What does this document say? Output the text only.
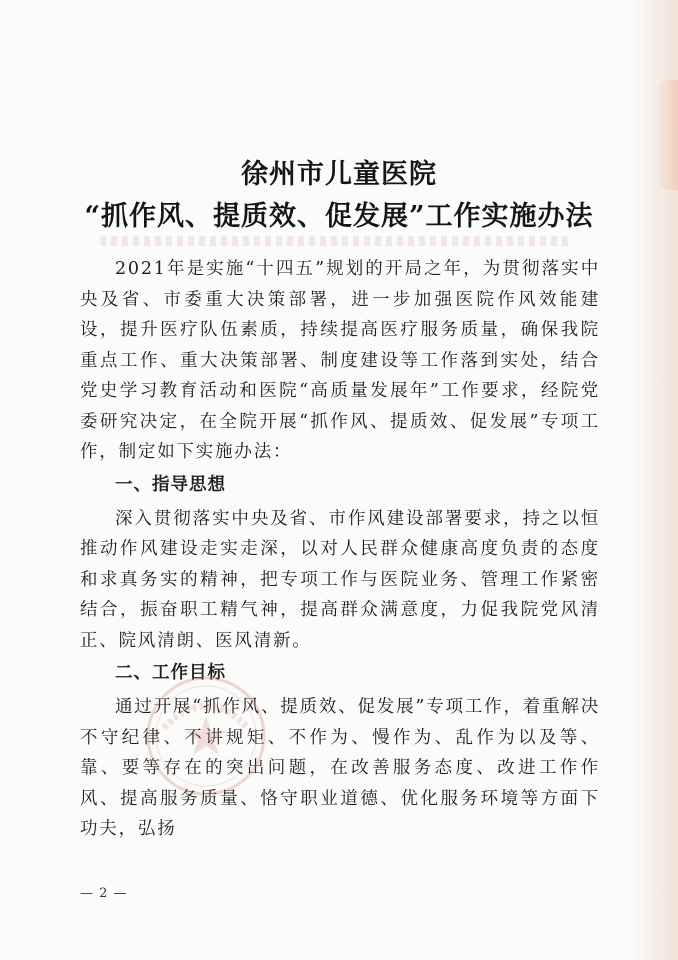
徐州市儿童医院
“抓作风、提质效、促发展”工作实施办法

2021年是实施“十四五”规划的开局之年，为贯彻落实中央及省、市委重大决策部署，进一步加强医院作风效能建设，提升医疗队伍素质，持续提高医疗服务质量，确保我院重点工作、重大决策部署、制度建设等工作落到实处，结合党史学习教育活动和医院“高质量发展年”工作要求，经院党委研究决定，在全院开展“抓作风、提质效、促发展”专项工作，制定如下实施办法：

一、指导思想

深入贯彻落实中央及省、市作风建设部署要求，持之以恒推动作风建设走实走深，以对人民群众健康高度负责的态度和求真务实的精神，把专项工作与医院业务、管理工作紧密结合，振奋职工精气神，提高群众满意度，力促我院党风清正、院风清朗、医风清新。

二、工作目标

通过开展“抓作风、提质效、促发展”专项工作，着重解决不守纪律、不讲规矩、不作为、慢作为、乱作为以及等、靠、要等存在的突出问题，在改善服务态度、改进工作作风、提高服务质量、恪守职业道德、优化服务环境等方面下功夫，弘扬

— 2 —
